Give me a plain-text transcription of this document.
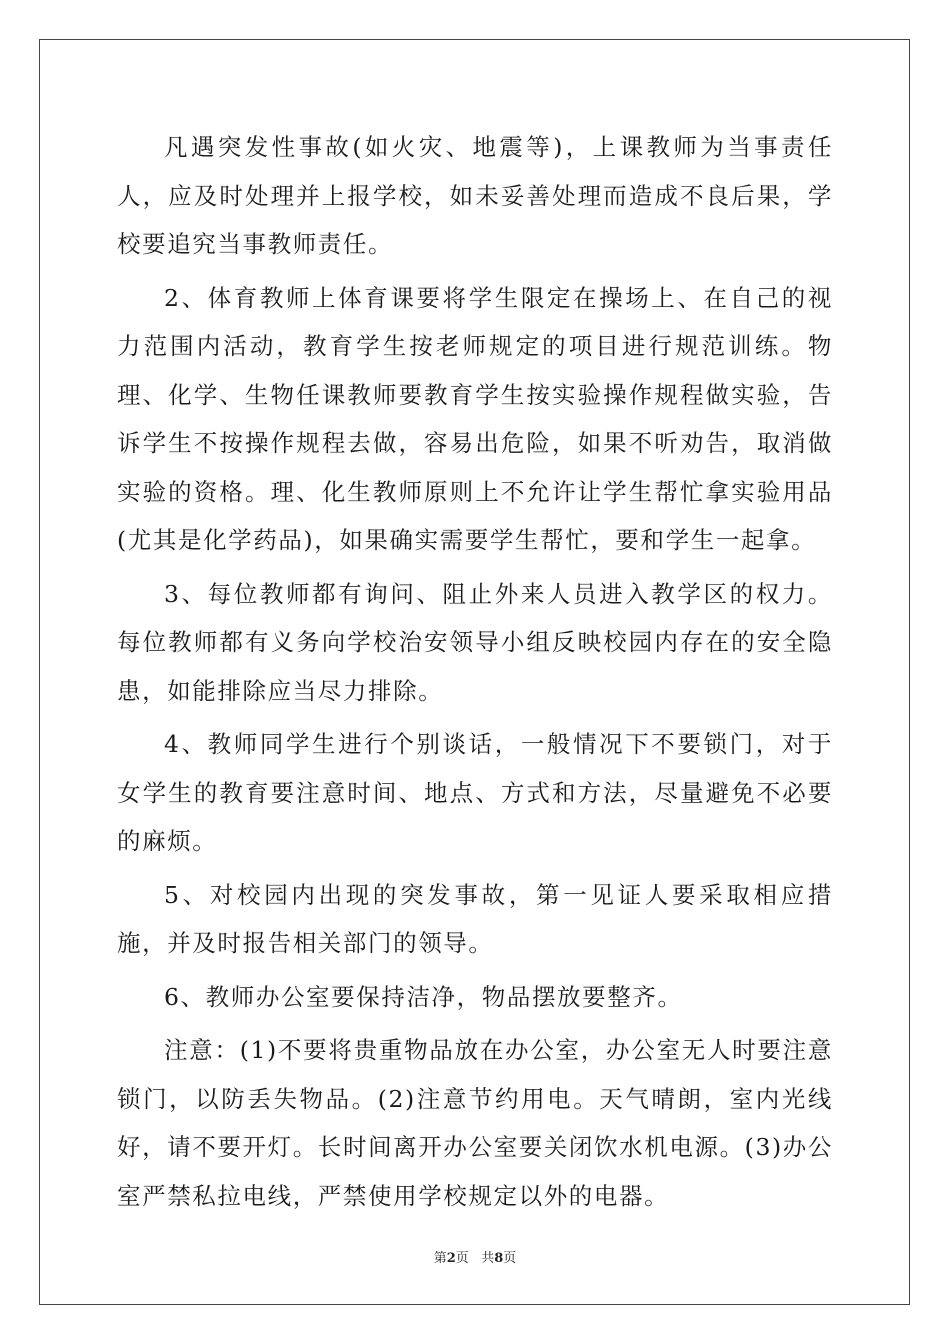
凡遇突发性事故(如火灾、地震等)，上课教师为当事责任人，应及时处理并上报学校，如未妥善处理而造成不良后果，学校要追究当事教师责任。

2、体育教师上体育课要将学生限定在操场上、在自己的视力范围内活动，教育学生按老师规定的项目进行规范训练。物理、化学、生物任课教师要教育学生按实验操作规程做实验，告诉学生不按操作规程去做，容易出危险，如果不听劝告，取消做实验的资格。理、化生教师原则上不允许让学生帮忙拿实验用品(尤其是化学药品)，如果确实需要学生帮忙，要和学生一起拿。

3、每位教师都有询问、阻止外来人员进入教学区的权力。每位教师都有义务向学校治安领导小组反映校园内存在的安全隐患，如能排除应当尽力排除。

4、教师同学生进行个别谈话，一般情况下不要锁门，对于女学生的教育要注意时间、地点、方式和方法，尽量避免不必要的麻烦。

5、对校园内出现的突发事故，第一见证人要采取相应措施，并及时报告相关部门的领导。

6、教师办公室要保持洁净，物品摆放要整齐。

注意：(1)不要将贵重物品放在办公室，办公室无人时要注意锁门，以防丢失物品。(2)注意节约用电。天气晴朗，室内光线好，请不要开灯。长时间离开办公室要关闭饮水机电源。(3)办公室严禁私拉电线，严禁使用学校规定以外的电器。

第2页 共8页
